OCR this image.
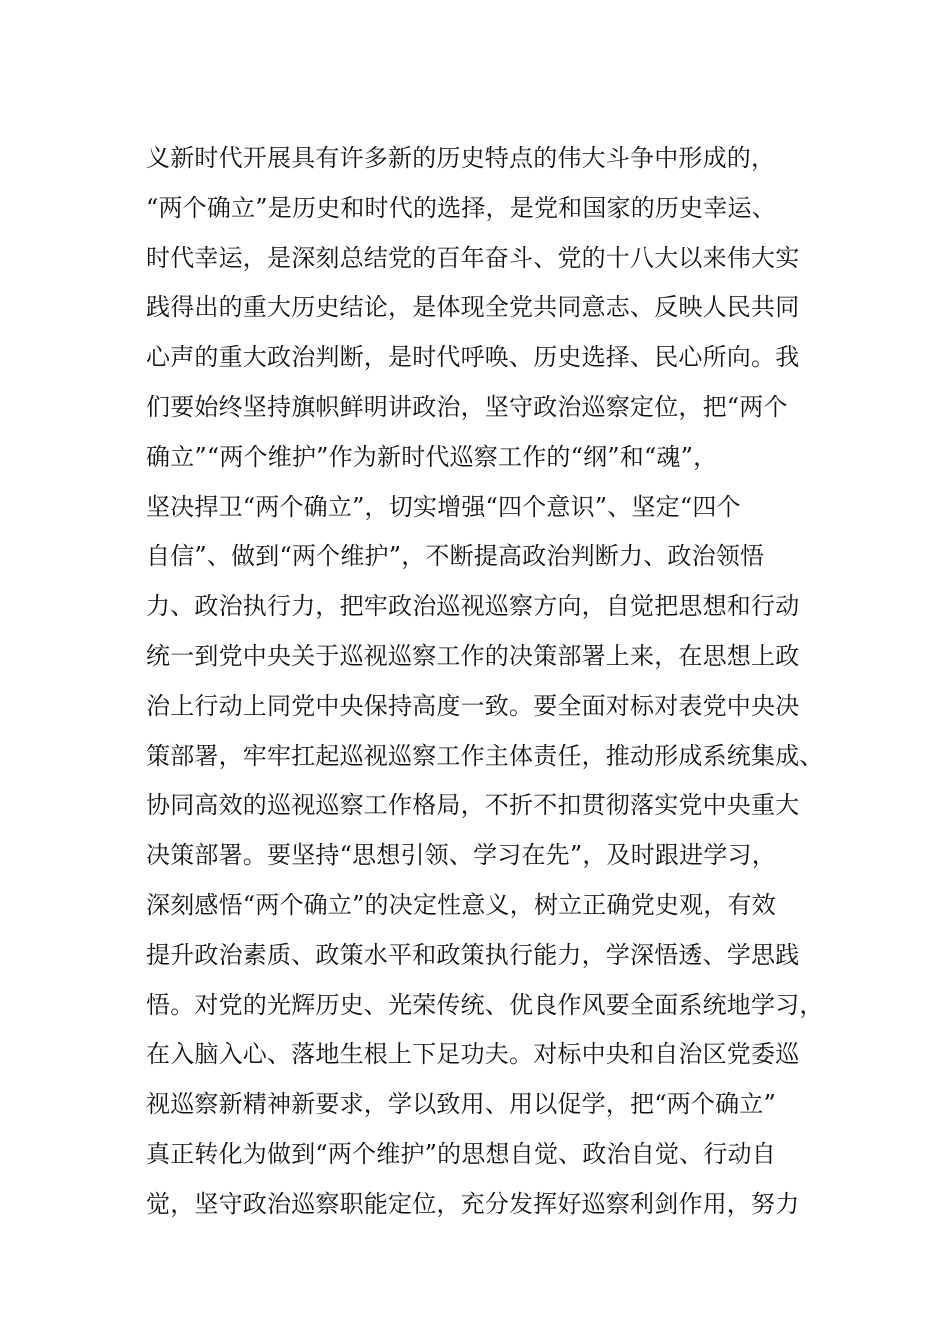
义新时代开展具有许多新的历史特点的伟大斗争中形成的，
“两个确立”是历史和时代的选择，是党和国家的历史幸运、
时代幸运，是深刻总结党的百年奋斗、党的十八大以来伟大实
践得出的重大历史结论，是体现全党共同意志、反映人民共同
心声的重大政治判断，是时代呼唤、历史选择、民心所向。我
们要始终坚持旗帜鲜明讲政治，坚守政治巡察定位，把“两个
确立”“两个维护”作为新时代巡察工作的“纲”和“魂”，
坚决捍卫“两个确立”，切实增强“四个意识”、坚定“四个
自信”、做到“两个维护”，不断提高政治判断力、政治领悟
力、政治执行力，把牢政治巡视巡察方向，自觉把思想和行动
统一到党中央关于巡视巡察工作的决策部署上来，在思想上政
治上行动上同党中央保持高度一致。要全面对标对表党中央决
策部署，牢牢扛起巡视巡察工作主体责任，推动形成系统集成、
协同高效的巡视巡察工作格局，不折不扣贯彻落实党中央重大
决策部署。要坚持“思想引领、学习在先”，及时跟进学习，
深刻感悟“两个确立”的决定性意义，树立正确党史观，有效
提升政治素质、政策水平和政策执行能力，学深悟透、学思践
悟。对党的光辉历史、光荣传统、优良作风要全面系统地学习，
在入脑入心、落地生根上下足功夫。对标中央和自治区党委巡
视巡察新精神新要求，学以致用、用以促学，把“两个确立”
真正转化为做到“两个维护”的思想自觉、政治自觉、行动自
觉，坚守政治巡察职能定位，充分发挥好巡察利剑作用，努力
